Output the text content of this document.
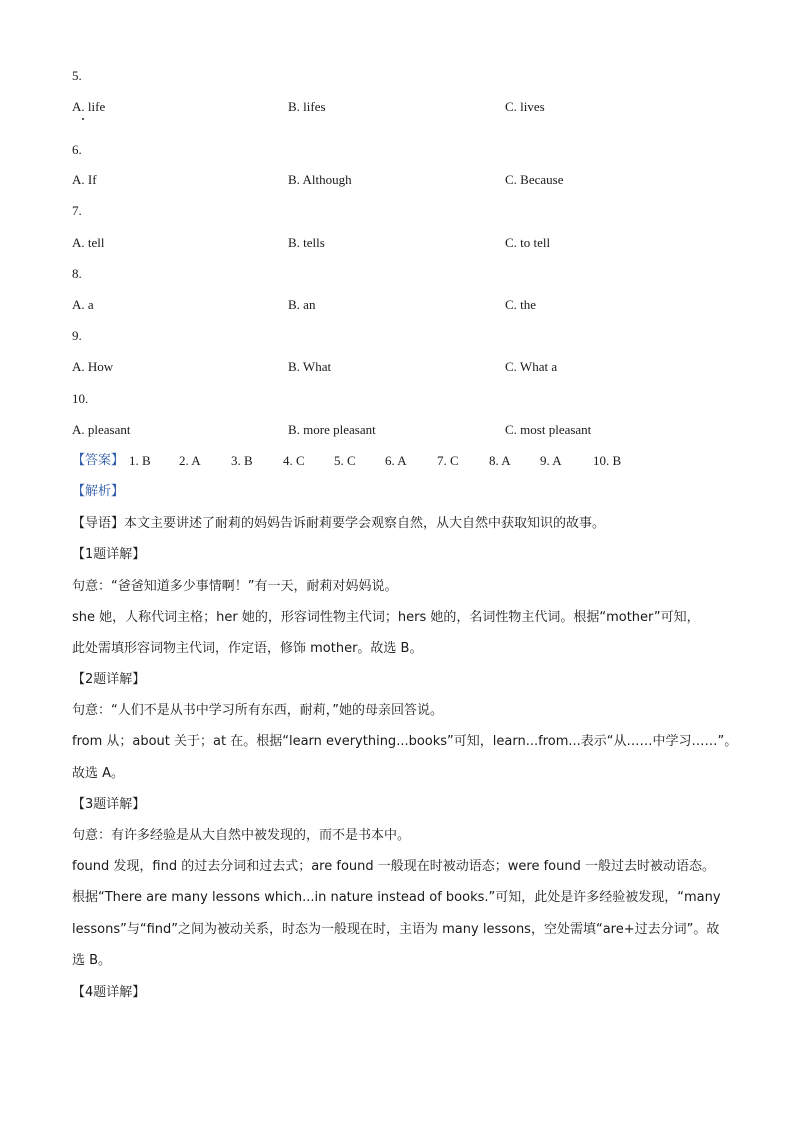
5.
A. life	B. lifes	C. lives
6.
A. If	B. Although	C. Because
7.
A. tell	B. tells	C. to tell
8.
A. a	B. an	C. the
9.
A. How	B. What	C. What a
10.
A. pleasant	B. more pleasant	C. most pleasant
【答案】 1. B 2. A 3. B 4. C 5. C 6. A 7. C 8. A 9. A 10. B
【解析】
【导语】本文主要讲述了耐莉的妈妈告诉耐莉要学会观察自然，从大自然中获取知识的故事。
【1题详解】
句意：“爸爸知道多少事情啊！”有一天，耐莉对妈妈说。
she 她，人称代词主格；her 她的，形容词性物主代词；hers 她的，名词性物主代词。根据“mother”可知，
此处需填形容词物主代词，作定语，修饰 mother。故选 B。
【2题详解】
句意：“人们不是从书中学习所有东西，耐莉，”她的母亲回答说。
from 从；about 关于；at 在。根据“learn everything...books”可知，learn...from...表示“从……中学习……”。
故选 A。
【3题详解】
句意：有许多经验是从大自然中被发现的，而不是书本中。
found 发现，find 的过去分词和过去式；are found 一般现在时被动语态；were found 一般过去时被动语态。
根据“There are many lessons which...in nature instead of books.”可知，此处是许多经验被发现，“many
lessons”与“find”之间为被动关系，时态为一般现在时，主语为 many lessons，空处需填“are+过去分词”。故
选 B。
【4题详解】
